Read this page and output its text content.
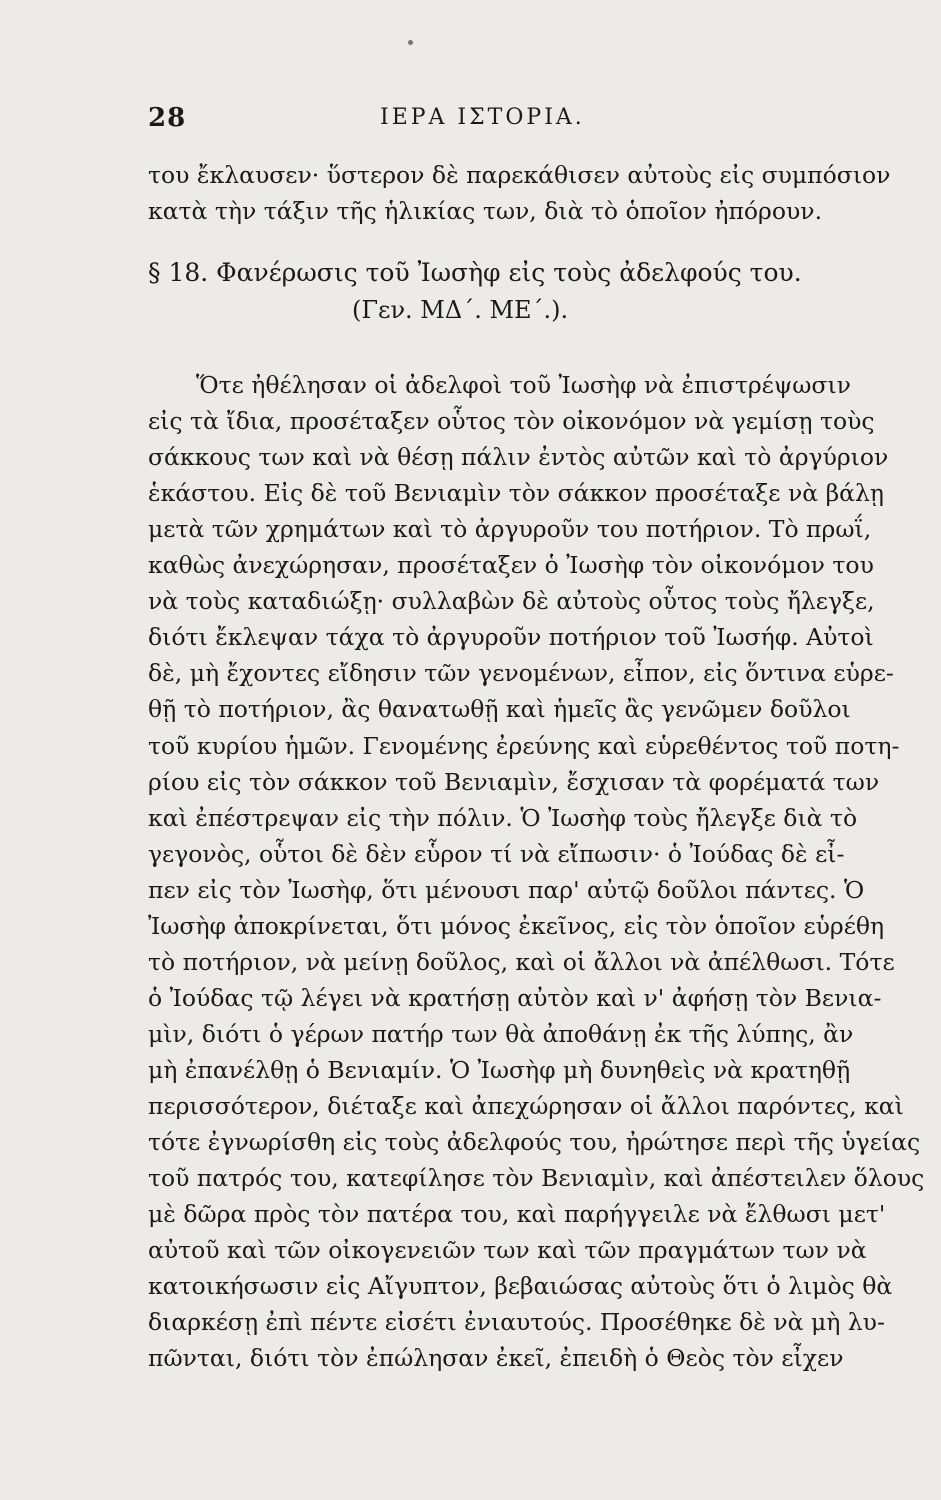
28	ΙΕΡΑ ΙΣΤΟΡΙΑ.
του ἔκλαυσεν· ὕστερον δὲ παρεκάθισεν αὐτοὺς εἰς συμπόσιον
κατὰ τὴν τάξιν τῆς ἡλικίας των, διὰ τὸ ὁποῖον ἠπόρουν.
§ 18. Φανέρωσις τοῦ Ἰωσὴφ εἰς τοὺς ἀδελφούς του.
(Γεν. ΜΔ΄. ΜΕ΄.).
Ὅτε ἠθέλησαν οἱ ἀδελφοὶ τοῦ Ἰωσὴφ νὰ ἐπιστρέψωσιν
εἰς τὰ ἴδια, προσέταξεν οὗτος τὸν οἰκονόμον νὰ γεμίσῃ τοὺς
σάκκους των καὶ νὰ θέσῃ πάλιν ἐντὸς αὐτῶν καὶ τὸ ἀργύριον
ἑκάστου. Εἰς δὲ τοῦ Βενιαμὶν τὸν σάκκον προσέταξε νὰ βάλῃ
μετὰ τῶν χρημάτων καὶ τὸ ἀργυροῦν του ποτήριον. Τὸ πρωΐ,
καθὼς ἀνεχώρησαν, προσέταξεν ὁ Ἰωσὴφ τὸν οἰκονόμον του
νὰ τοὺς καταδιώξῃ· συλλαβὼν δὲ αὐτοὺς οὗτος τοὺς ἤλεγξε,
διότι ἔκλεψαν τάχα τὸ ἀργυροῦν ποτήριον τοῦ Ἰωσήφ. Αὐτοὶ
δὲ, μὴ ἔχοντες εἴδησιν τῶν γενομένων, εἶπον, εἰς ὅντινα εὑρε-
θῇ τὸ ποτήριον, ἂς θανατωθῇ καὶ ἡμεῖς ἂς γενῶμεν δοῦλοι
τοῦ κυρίου ἡμῶν. Γενομένης ἐρεύνης καὶ εὑρεθέντος τοῦ ποτη-
ρίου εἰς τὸν σάκκον τοῦ Βενιαμὶν, ἔσχισαν τὰ φορέματά των
καὶ ἐπέστρεψαν εἰς τὴν πόλιν. Ὁ Ἰωσὴφ τοὺς ἤλεγξε διὰ τὸ
γεγονὸς, οὗτοι δὲ δὲν εὗρον τί νὰ εἴπωσιν· ὁ Ἰούδας δὲ εἶ-
πεν εἰς τὸν Ἰωσὴφ, ὅτι μένουσι παρ' αὐτῷ δοῦλοι πάντες. Ὁ
Ἰωσὴφ ἀποκρίνεται, ὅτι μόνος ἐκεῖνος, εἰς τὸν ὁποῖον εὑρέθη
τὸ ποτήριον, νὰ μείνῃ δοῦλος, καὶ οἱ ἄλλοι νὰ ἀπέλθωσι. Τότε
ὁ Ἰούδας τῷ λέγει νὰ κρατήσῃ αὐτὸν καὶ ν' ἀφήσῃ τὸν Βενια-
μὶν, διότι ὁ γέρων πατήρ των θὰ ἀποθάνῃ ἐκ τῆς λύπης, ἂν
μὴ ἐπανέλθῃ ὁ Βενιαμίν. Ὁ Ἰωσὴφ μὴ δυνηθεὶς νὰ κρατηθῇ
περισσότερον, διέταξε καὶ ἀπεχώρησαν οἱ ἄλλοι παρόντες, καὶ
τότε ἐγνωρίσθη εἰς τοὺς ἀδελφούς του, ἠρώτησε περὶ τῆς ὑγείας
τοῦ πατρός του, κατεφίλησε τὸν Βενιαμὶν, καὶ ἀπέστειλεν ὅλους
μὲ δῶρα πρὸς τὸν πατέρα του, καὶ παρήγγειλε νὰ ἔλθωσι μετ'
αὐτοῦ καὶ τῶν οἰκογενειῶν των καὶ τῶν πραγμάτων των νὰ
κατοικήσωσιν εἰς Αἴγυπτον, βεβαιώσας αὐτοὺς ὅτι ὁ λιμὸς θὰ
διαρκέσῃ ἐπὶ πέντε εἰσέτι ἐνιαυτούς. Προσέθηκε δὲ νὰ μὴ λυ-
πῶνται, διότι τὸν ἐπώλησαν ἐκεῖ, ἐπειδὴ ὁ Θεὸς τὸν εἶχεν
